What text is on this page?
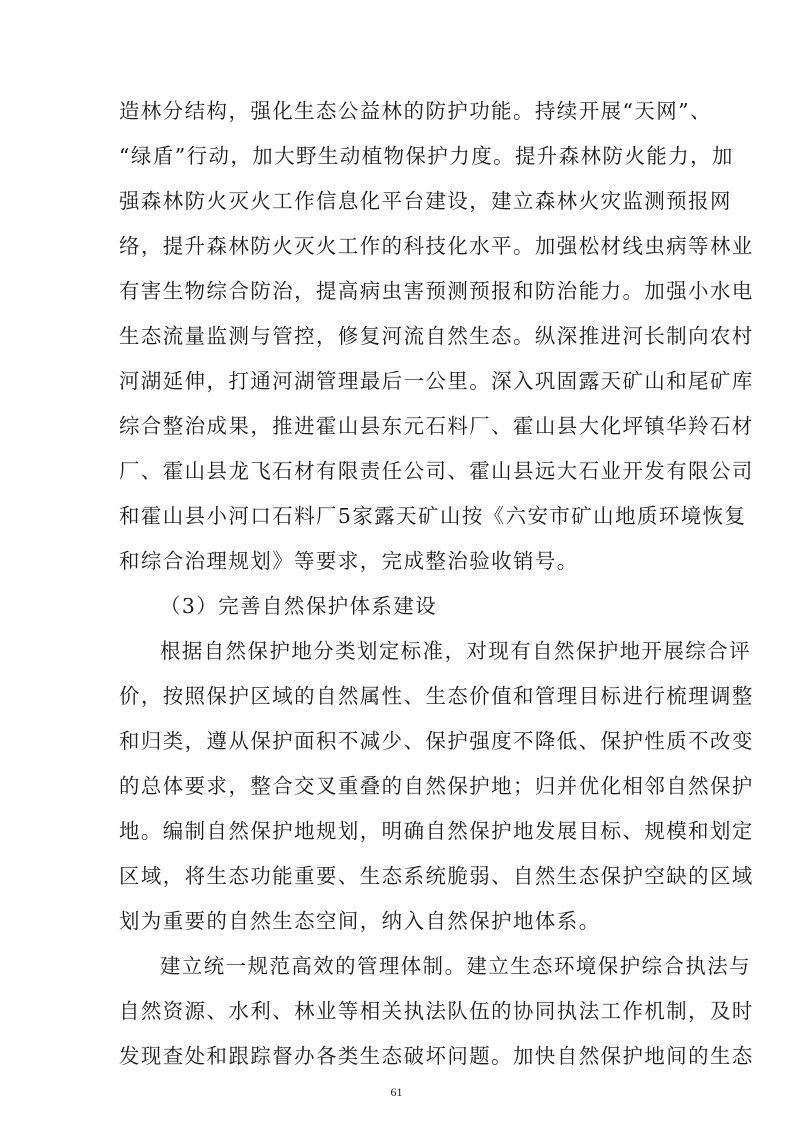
造林分结构，强化生态公益林的防护功能。持续开展“天网”、
“绿盾”行动，加大野生动植物保护力度。提升森林防火能力，加
强森林防火灭火工作信息化平台建设，建立森林火灾监测预报网
络，提升森林防火灭火工作的科技化水平。加强松材线虫病等林业
有害生物综合防治，提高病虫害预测预报和防治能力。加强小水电
生态流量监测与管控，修复河流自然生态。纵深推进河长制向农村
河湖延伸，打通河湖管理最后一公里。深入巩固露天矿山和尾矿库
综合整治成果，推进霍山县东元石料厂、霍山县大化坪镇华羚石材
厂、霍山县龙飞石材有限责任公司、霍山县远大石业开发有限公司
和霍山县小河口石料厂5家露天矿山按《六安市矿山地质环境恢复
和综合治理规划》等要求，完成整治验收销号。
（3）完善自然保护体系建设
根据自然保护地分类划定标准，对现有自然保护地开展综合评
价，按照保护区域的自然属性、生态价值和管理目标进行梳理调整
和归类，遵从保护面积不减少、保护强度不降低、保护性质不改变
的总体要求，整合交叉重叠的自然保护地；归并优化相邻自然保护
地。编制自然保护地规划，明确自然保护地发展目标、规模和划定
区域，将生态功能重要、生态系统脆弱、自然生态保护空缺的区域
划为重要的自然生态空间，纳入自然保护地体系。
建立统一规范高效的管理体制。建立生态环境保护综合执法与
自然资源、水利、林业等相关执法队伍的协同执法工作机制，及时
发现查处和跟踪督办各类生态破坏问题。加快自然保护地间的生态
61
